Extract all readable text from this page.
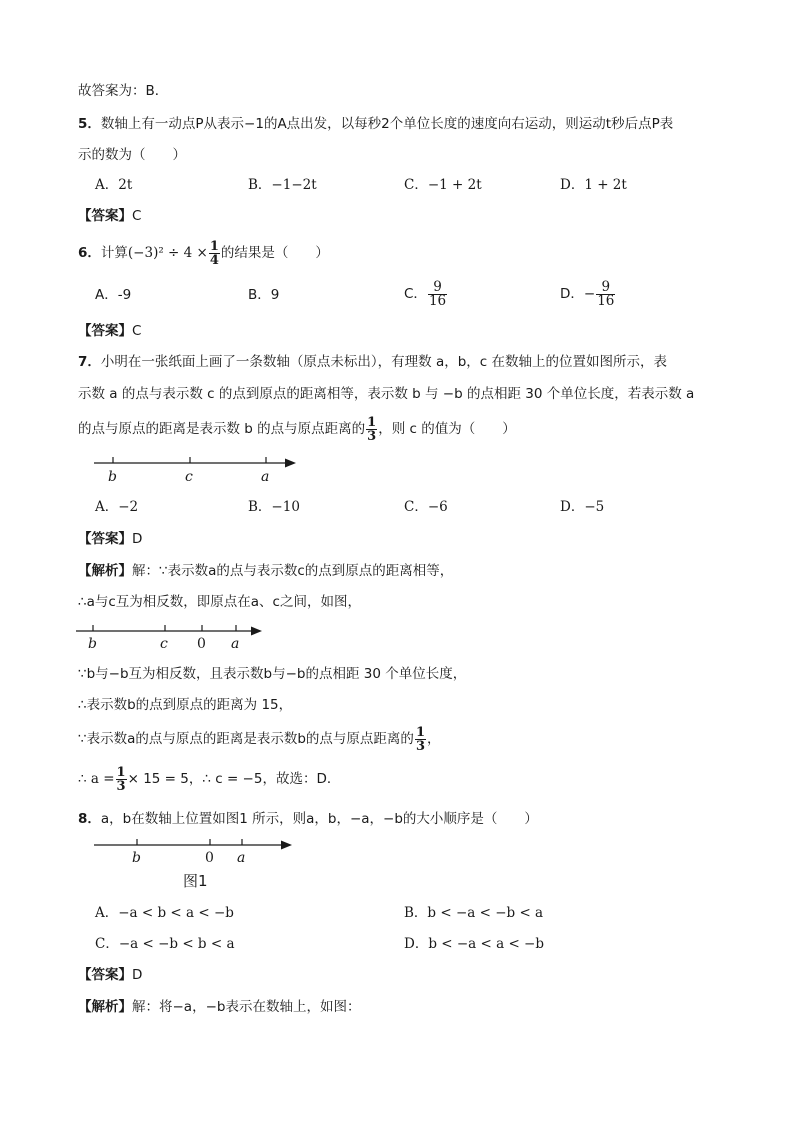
故答案为：B．
5．数轴上有一动点P从表示−1的A点出发，以每秒2个单位长度的速度向右运动，则运动t秒后点P表
示的数为（　　）
A．2t	B．−1−2t	C．−1 + 2t	D．1 + 2t
【答案】C
6．计算$(-3)^2 \div 4 \times \frac{1}{4}$ 的结果是（　　）
A．-9	B．9	C． $\frac{9}{16}$	D．− $\frac{9}{16}$
【答案】C
7．小明在一张纸面上画了一条数轴（原点未标出），有理数 a，b，c 在数轴上的位置如图所示，表
示数 a 的点与表示数 c 的点到原点的距离相等，表示数 b 与 −b 的点相距 30 个单位长度，若表示数 a
的点与原点的距离是表示数 b 的点与原点距离的 $\frac{1}{3}$ ，则 c 的值为（　　）
b	c	a
A．−2	B．−10	C．−6	D．−5
【答案】D
【解析】解：∵表示数a的点与表示数c的点到原点的距离相等，
∴a与c互为相反数，即原点在a、c之间，如图，
b	c 0 a
∵b与−b互为相反数，且表示数b与−b的点相距 30 个单位长度，
∴表示数b的点到原点的距离为 15，
∵表示数a的点与原点的距离是表示数b的点与原点距离的 $\frac{1}{3}$ ，
∴ $a = \frac{1}{3} \times 15 = 5$，∴ c = −5，故选：D．
8．a，b在数轴上位置如图1 所示，则a，b，−a，−b的大小顺序是（　　）
b	0 a
图1
A．−a < b < a < −b	B．b < −a < −b < a
C．−a < −b < b < a	D．b < −a < a < −b
【答案】D
【解析】解：将−a，−b表示在数轴上，如图：
